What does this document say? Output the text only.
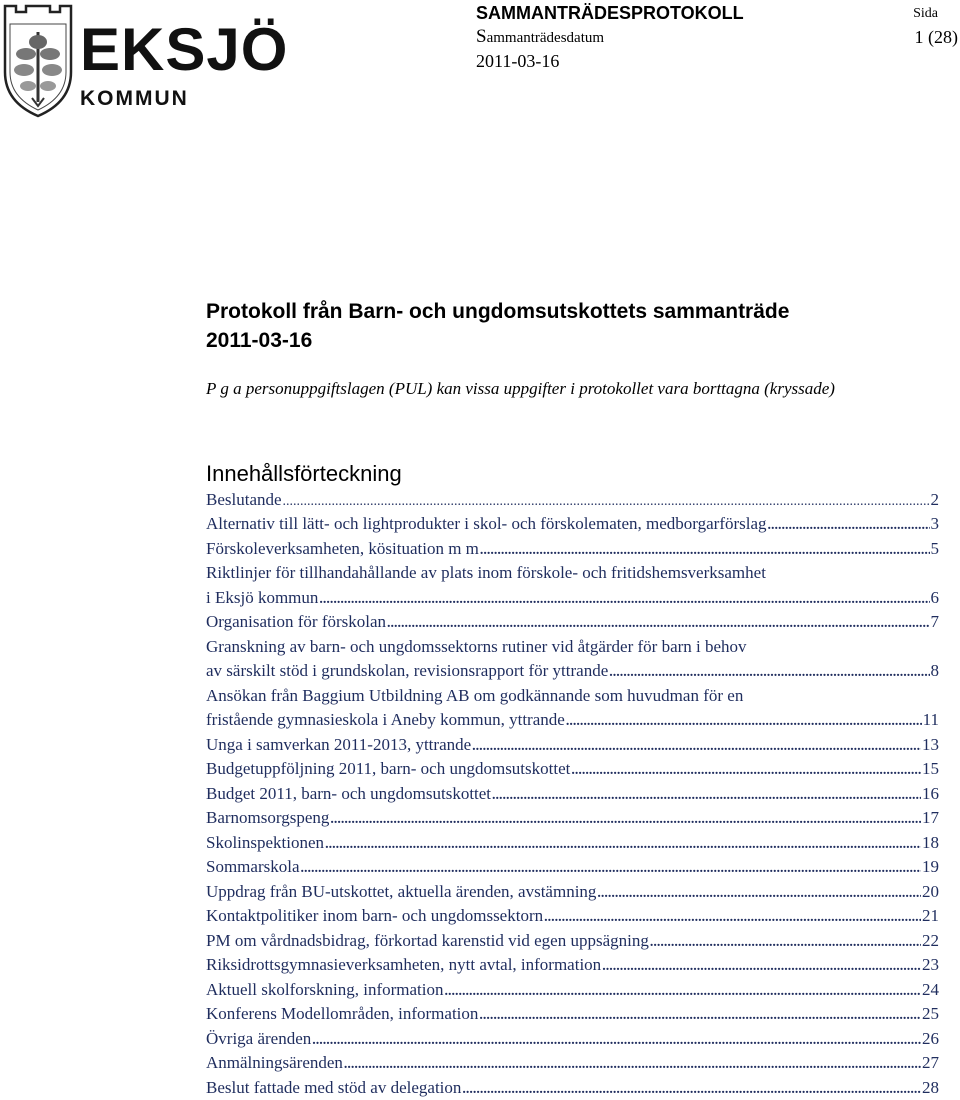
EKSJÖ
KOMMUN
SAMMANTRÄDESPROTOKOLL
Sammanträdesdatum
2011-03-16
Sida
1 (28)
Protokoll från Barn- och ungdomsutskottets sammanträde
2011-03-16
P g a personuppgiftslagen (PUL) kan vissa uppgifter i protokollet vara borttagna (kryssade)
Innehållsförteckning
Beslutande .....	2
Alternativ till lätt- och lightprodukter i skol- och förskolematen, medborgarförslag .....	3
Förskoleverksamheten, kösituation m m .....	5
Riktlinjer för tillhandahållande av plats inom förskole- och fritidshemsverksamhet
i Eksjö kommun .....	6
Organisation för förskolan .....	7
Granskning av barn- och ungdomssektorns rutiner vid åtgärder för barn i behov
av särskilt stöd i grundskolan, revisionsrapport för yttrande .....	8
Ansökan från Baggium Utbildning AB om godkännande som huvudman för en
fristående gymnasieskola i Aneby kommun, yttrande .....	11
Unga i samverkan 2011-2013, yttrande .....	13
Budgetuppföljning 2011, barn- och ungdomsutskottet .....	15
Budget 2011, barn- och ungdomsutskottet .....	16
Barnomsorgspeng .....	17
Skolinspektionen .....	18
Sommarskola .....	19
Uppdrag från BU-utskottet, aktuella ärenden, avstämning .....	20
Kontaktpolitiker inom barn- och ungdomssektorn .....	21
PM om vårdnadsbidrag, förkortad karenstid vid egen uppsägning .....	22
Riksidrottsgymnasieverksamheten, nytt avtal, information .....	23
Aktuell skolforskning, information .....	24
Konferens Modellområden, information .....	25
Övriga ärenden .....	26
Anmälningsärenden .....	27
Beslut fattade med stöd av delegation .....	28
